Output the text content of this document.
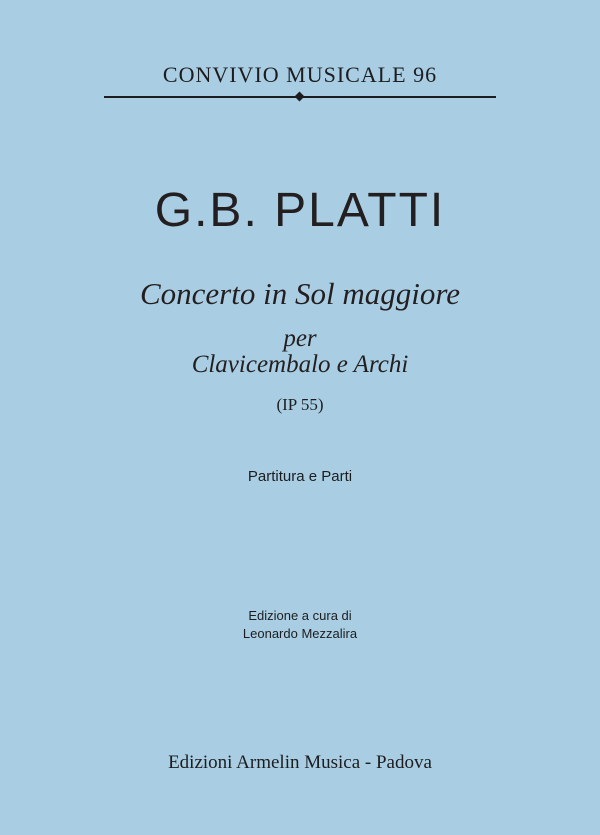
CONVIVIO MUSICALE 96
G.B. PLATTI
Concerto in Sol maggiore
per
Clavicembalo e Archi
(IP 55)
Partitura e Parti
Edizione a cura di
Leonardo Mezzalira
Edizioni Armelin Musica - Padova
